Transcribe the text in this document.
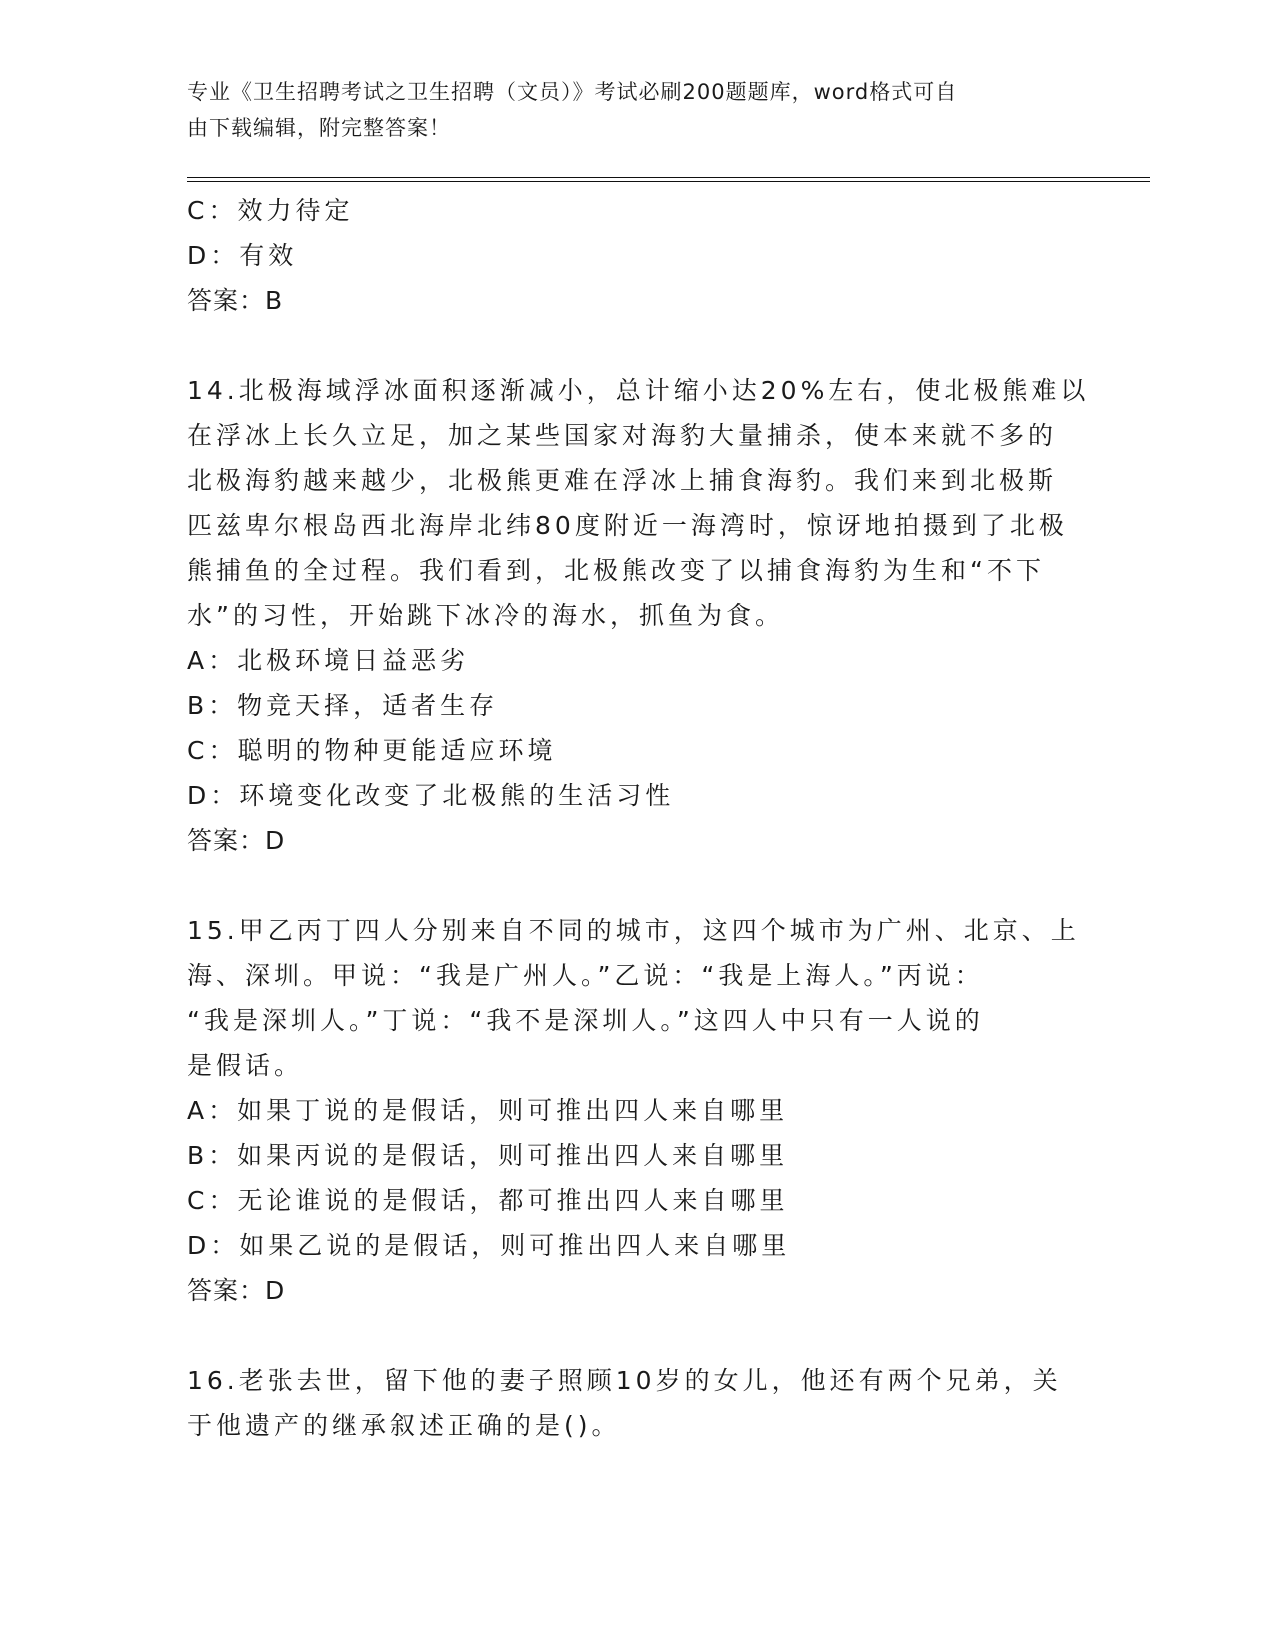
专业《卫生招聘考试之卫生招聘（文员）》考试必刷200题题库，word格式可自
由下载编辑，附完整答案！

C：效力待定

D：有效

答案：B

14.北极海域浮冰面积逐渐减小，总计缩小达20%左右，使北极熊难以
在浮冰上长久立足，加之某些国家对海豹大量捕杀，使本来就不多的
北极海豹越来越少，北极熊更难在浮冰上捕食海豹。我们来到北极斯
匹兹卑尔根岛西北海岸北纬80度附近一海湾时，惊讶地拍摄到了北极
熊捕鱼的全过程。我们看到，北极熊改变了以捕食海豹为生和“不下
水”的习性，开始跳下冰冷的海水，抓鱼为食。

A：北极环境日益恶劣

B：物竞天择，适者生存

C：聪明的物种更能适应环境

D：环境变化改变了北极熊的生活习性

答案：D

15.甲乙丙丁四人分别来自不同的城市，这四个城市为广州、北京、上
海、深圳。甲说：“我是广州人。”乙说：“我是上海人。”丙说：
“我是深圳人。”丁说：“我不是深圳人。”这四人中只有一人说的
是假话。

A：如果丁说的是假话，则可推出四人来自哪里

B：如果丙说的是假话，则可推出四人来自哪里

C：无论谁说的是假话，都可推出四人来自哪里

D：如果乙说的是假话，则可推出四人来自哪里

答案：D

16.老张去世，留下他的妻子照顾10岁的女儿，他还有两个兄弟，关
于他遗产的继承叙述正确的是()。
